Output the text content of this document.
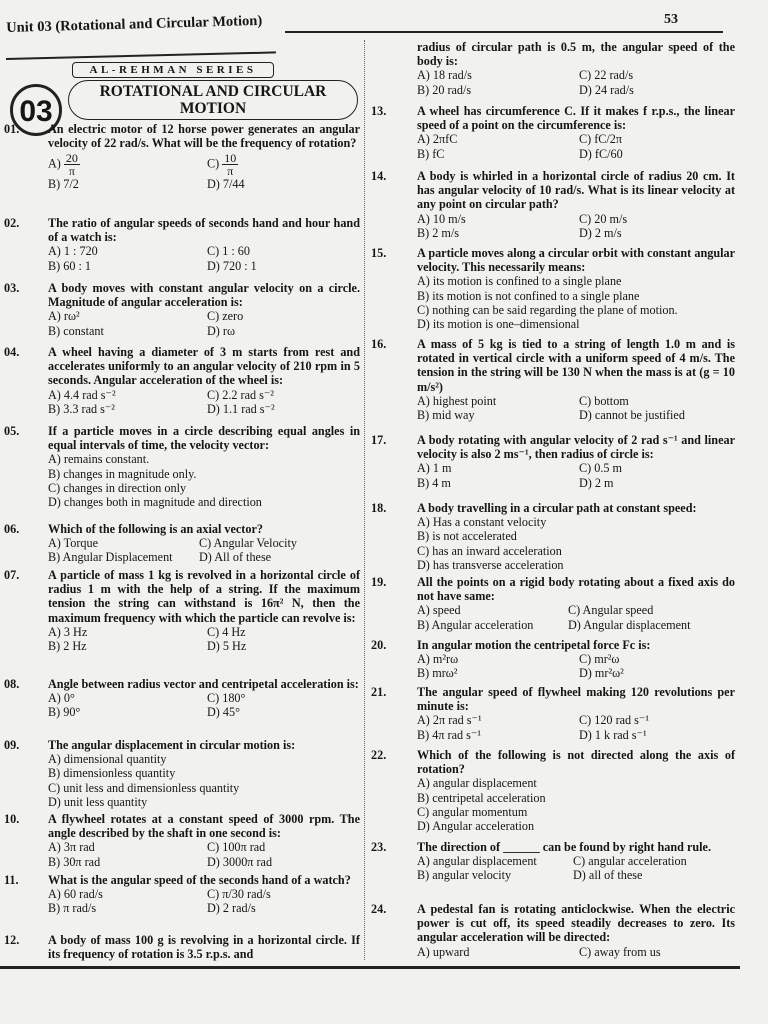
Unit 03 (Rotational and Circular Motion)	53
AL-REHMAN SERIES
03
ROTATIONAL AND CIRCULAR
MOTION
01. An electric motor of 12 horse power generates an angular velocity of 22 rad/s. What will be the frequency of rotation?
$A) \frac{20}{\pi}$	$C) \frac{10}{\pi}$
B) 7/2	D) 7/44
02. The ratio of angular speeds of seconds hand and hour hand of a watch is:
A) 1 : 720	C) 1 : 60
B) 60 : 1	D) 720 : 1
03. A body moves with constant angular velocity on a circle. Magnitude of angular acceleration is:
A) rω²	C) zero
B) constant	D) rω
04. A wheel having a diameter of 3 m starts from rest and accelerates uniformly to an angular velocity of 210 rpm in 5 seconds. Angular acceleration of the wheel is:
A) 4.4 rad s⁻²	C) 2.2 rad s⁻²
B) 3.3 rad s⁻²	D) 1.1 rad s⁻²
05. If a particle moves in a circle describing equal angles in equal intervals of time, the velocity vector:
A) remains constant.
B) changes in magnitude only.
C) changes in direction only
D) changes both in magnitude and direction
06. Which of the following is an axial vector?
A) Torque	C) Angular Velocity
B) Angular Displacement	D) All of these
07. A particle of mass 1 kg is revolved in a horizontal circle of radius 1 m with the help of a string. If the maximum tension the string can withstand is 16π² N, then the maximum frequency with which the particle can revolve is:
A) 3 Hz	C) 4 Hz
B) 2 Hz	D) 5 Hz
08. Angle between radius vector and centripetal acceleration is:
A) 0°	C) 180°
B) 90°	D) 45°
09. The angular displacement in circular motion is:
A) dimensional quantity
B) dimensionless quantity
C) unit less and dimensionless quantity
D) unit less quantity
10. A flywheel rotates at a constant speed of 3000 rpm. The angle described by the shaft in one second is:
A) 3π rad	C) 100π rad
B) 30π rad	D) 3000π rad
11. What is the angular speed of the seconds hand of a watch?
A) 60 rad/s	C) π/30 rad/s
B) π rad/s	D) 2 rad/s
12. A body of mass 100 g is revolving in a horizontal circle. If its frequency of rotation is 3.5 r.p.s. and
radius of circular path is 0.5 m, the angular speed of the body is:
A) 18 rad/s	C) 22 rad/s
B) 20 rad/s	D) 24 rad/s
13.	A wheel has circumference C. If it makes f r.p.s., the linear speed of a point on the circumference is:
A) 2πfC	C) fC/2π
B) fC	D) fC/60
14.	A body is whirled in a horizontal circle of radius 20 cm. It has angular velocity of 10 rad/s. What is its linear velocity at any point on circular path?
A) 10 m/s	C) 20 m/s
B) 2 m/s	D) 2 m/s
15.	A particle moves along a circular orbit with constant angular velocity. This necessarily means:
A) its motion is confined to a single plane
B) its motion is not confined to a single plane
C) nothing can be said regarding the plane of motion.
D) its motion is one–dimensional
16.	A mass of 5 kg is tied to a string of length 1.0 m and is rotated in vertical circle with a uniform speed of 4 m/s. The tension in the string will be 130 N when the mass is at (g = 10 m/s²)
A) highest point	C) bottom
B) mid way	D) cannot be justified
17.	A body rotating with angular velocity of 2 rad s⁻¹ and linear velocity is also 2 ms⁻¹, then radius of circle is:
A) 1 m	C) 0.5 m
B) 4 m	D) 2 m
18.	A body travelling in a circular path at constant speed:
A) Has a constant velocity
B) is not accelerated
C) has an inward acceleration
D) has transverse acceleration
19.	All the points on a rigid body rotating about a fixed axis do not have same:
A) speed	C) Angular speed
B) Angular acceleration	D) Angular displacement
20.	In angular motion the centripetal force Fc is:
A) m²rω	C) mr²ω
B) mrω²	D) mr²ω²
21.	The angular speed of flywheel making 120 revolutions per minute is:
A) 2π rad s⁻¹	C) 120 rad s⁻¹
B) 4π rad s⁻¹	D) 1 k rad s⁻¹
22.	Which of the following is not directed along the axis of rotation?
A) angular displacement
B) centripetal acceleration
C) angular momentum
D) Angular acceleration
23.	The direction of ______ can be found by right hand rule.
A) angular displacement	C) angular acceleration
B) angular velocity	D) all of these
24.	A pedestal fan is rotating anticlockwise. When the electric power is cut off, its speed steadily decreases to zero. Its angular acceleration will be directed:
A) upward	C) away from us
